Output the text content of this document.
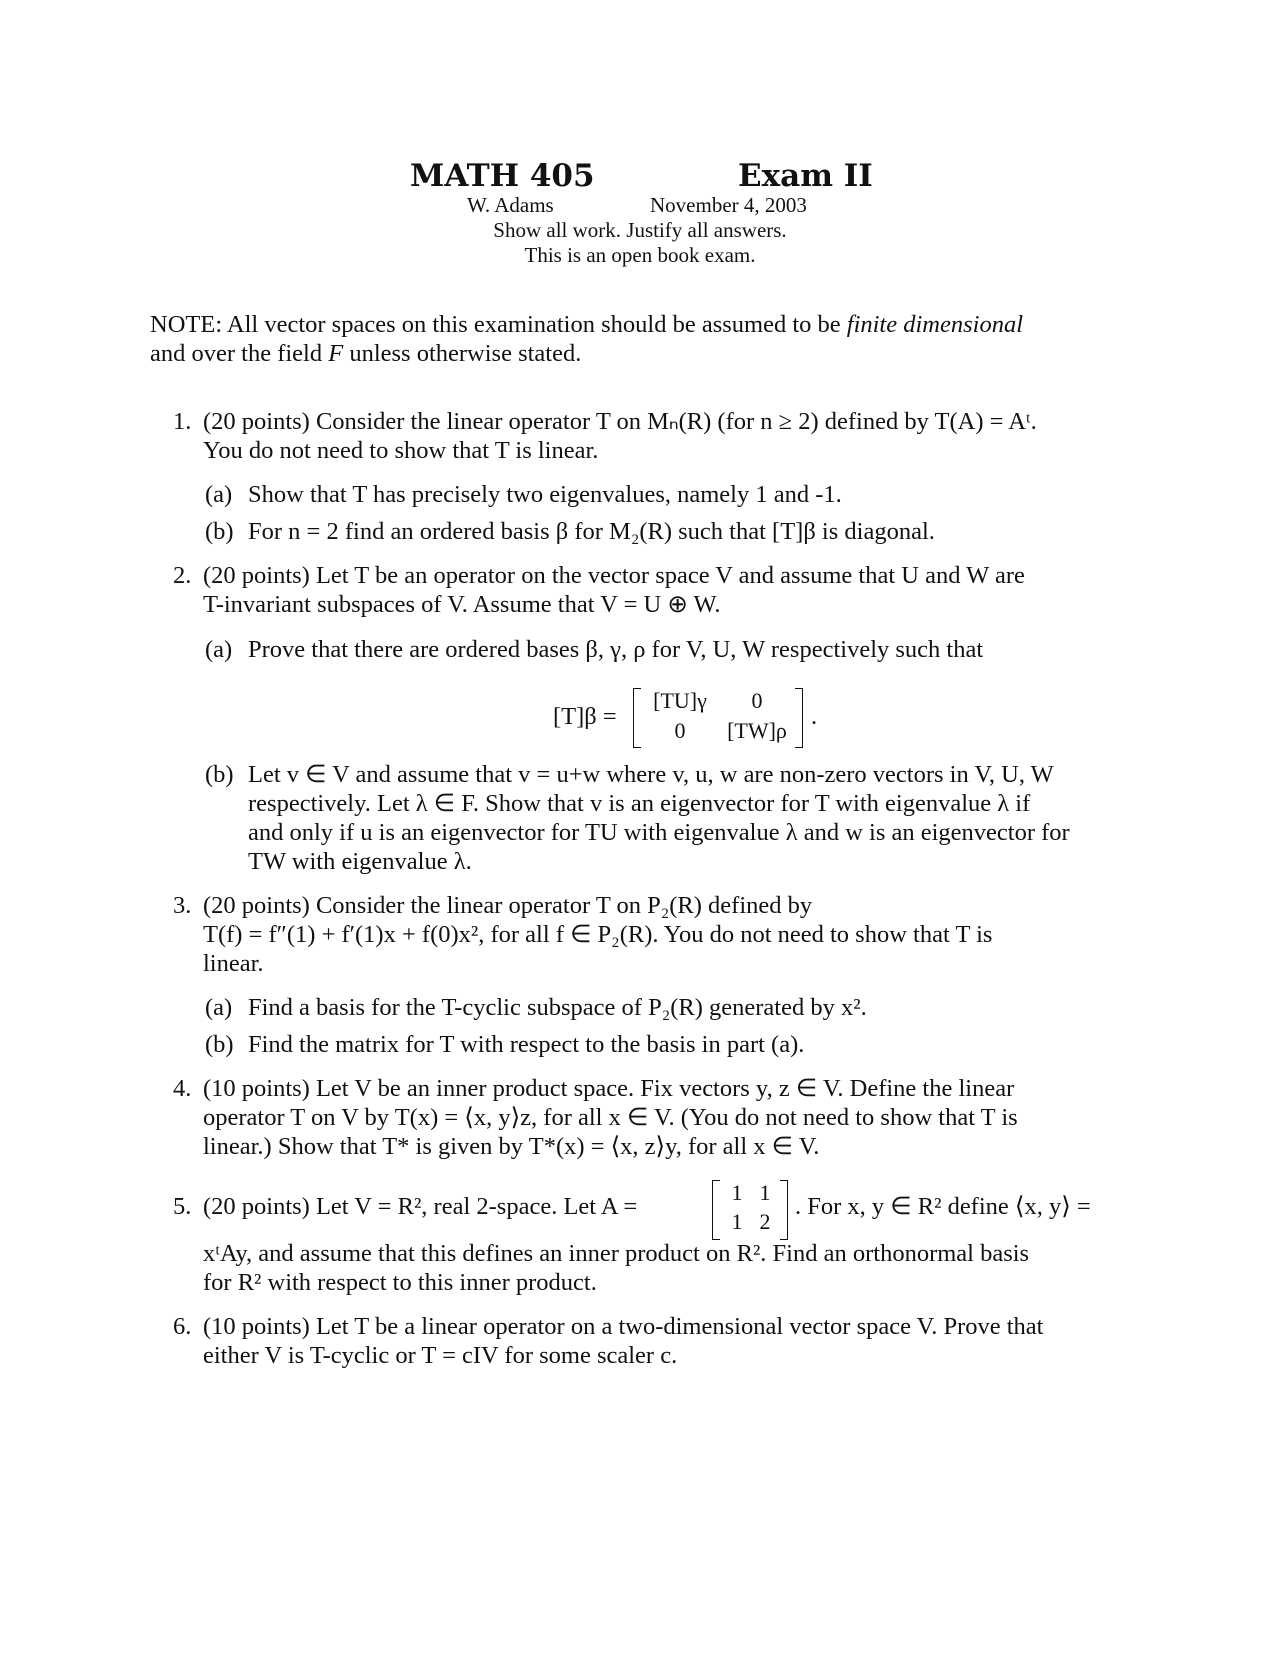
MATH 405	Exam II
W. Adams	November 4, 2003
Show all work. Justify all answers.
This is an open book exam.
NOTE: All vector spaces on this examination should be assumed to be finite dimensional
and over the field F unless otherwise stated.
1. (20 points) Consider the linear operator T on Mₙ(R) (for n ≥ 2) defined by T(A) = Aᵗ.
You do not need to show that T is linear.
(a) Show that T has precisely two eigenvalues, namely 1 and -1.
(b) For n = 2 find an ordered basis β for M₂(R) such that [T]β is diagonal.
2. (20 points) Let T be an operator on the vector space V and assume that U and W are
T-invariant subspaces of V. Assume that V = U ⊕ W.
(a) Prove that there are ordered bases β, γ, ρ for V, U, W respectively such that
[T]β =
[TU]γ	0
0	[TW]ρ
.
(b) Let v ∈ V and assume that v = u+w where v, u, w are non-zero vectors in V, U, W
respectively. Let λ ∈ F. Show that v is an eigenvector for T with eigenvalue λ if
and only if u is an eigenvector for TU with eigenvalue λ and w is an eigenvector for
TW with eigenvalue λ.
3. (20 points) Consider the linear operator T on P₂(R) defined by
T(f) = f″(1) + f′(1)x + f(0)x², for all f ∈ P₂(R). You do not need to show that T is
linear.
(a) Find a basis for the T-cyclic subspace of P₂(R) generated by x².
(b) Find the matrix for T with respect to the basis in part (a).
4. (10 points) Let V be an inner product space. Fix vectors y, z ∈ V. Define the linear
operator T on V by T(x) = ⟨x, y⟩z, for all x ∈ V. (You do not need to show that T is
linear.) Show that T* is given by T*(x) = ⟨x, z⟩y, for all x ∈ V.
5. (20 points) Let V = R², real 2-space. Let A =
1 1
1 2
. For x, y ∈ R² define ⟨x, y⟩ =
xᵗAy, and assume that this defines an inner product on R². Find an orthonormal basis
for R² with respect to this inner product.
6. (10 points) Let T be a linear operator on a two-dimensional vector space V. Prove that
either V is T-cyclic or T = cIV for some scaler c.
